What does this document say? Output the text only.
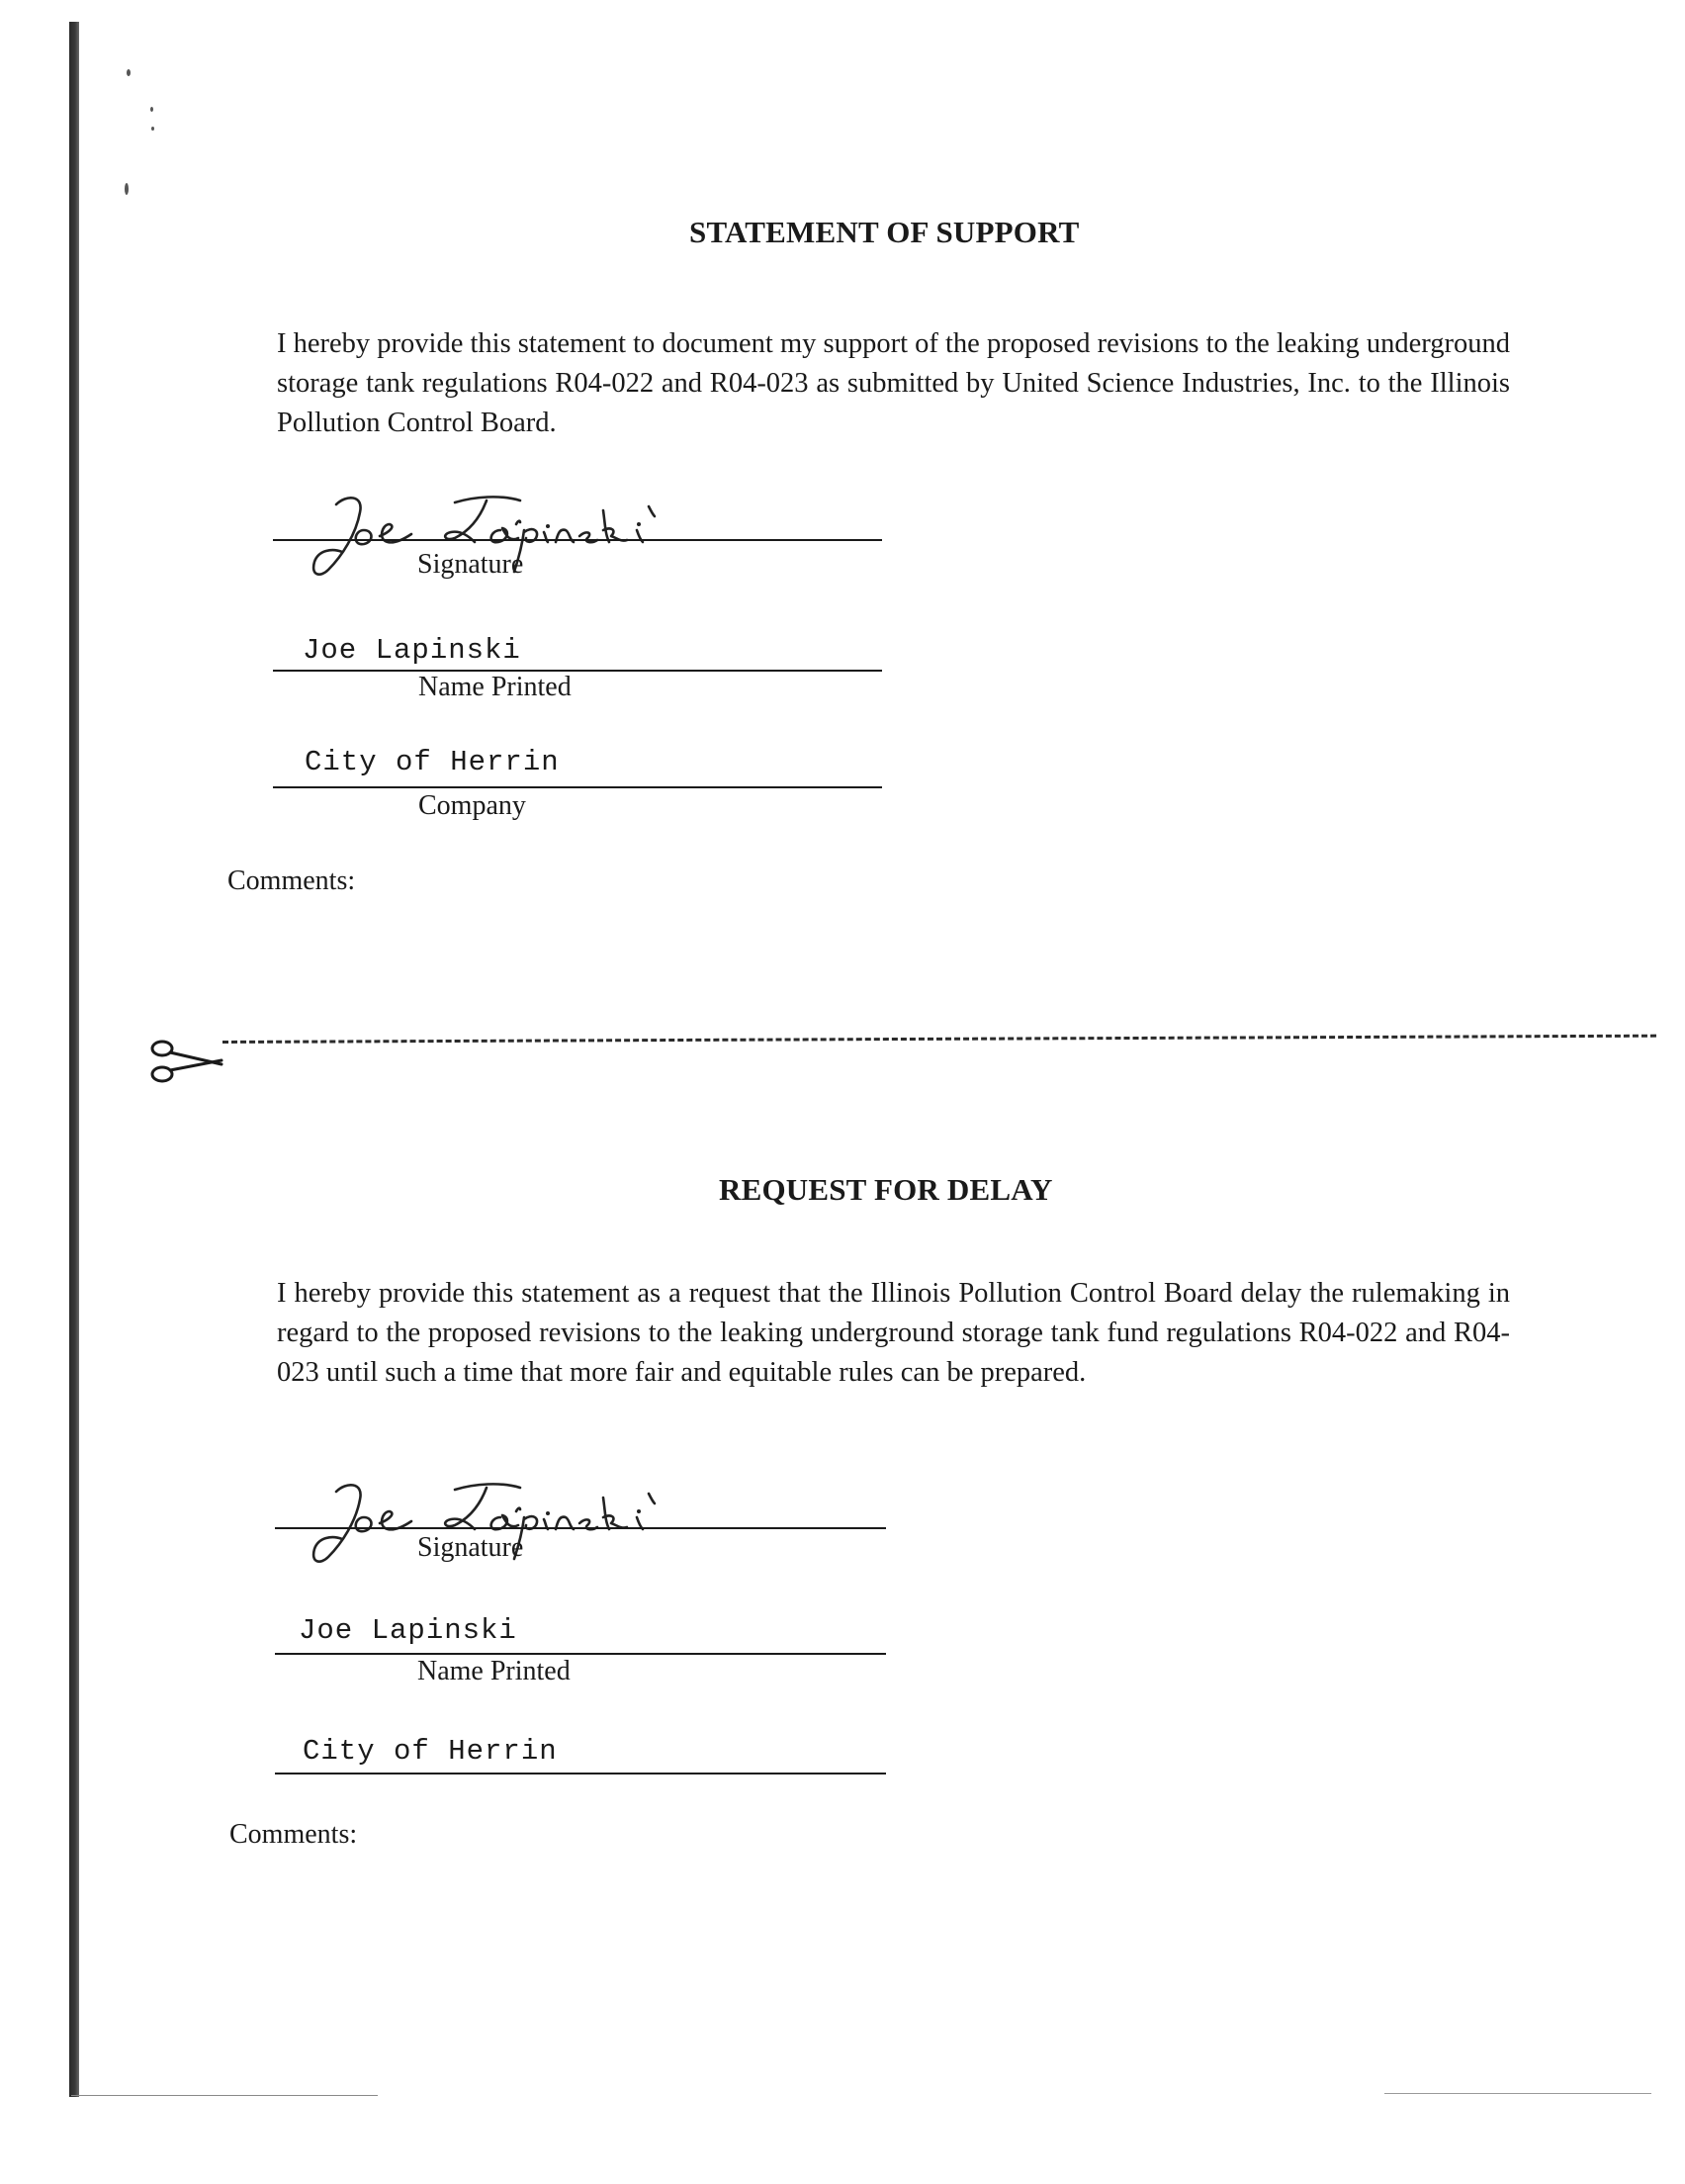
STATEMENT OF SUPPORT
I hereby provide this statement to document my support of the proposed revisions to the leaking underground storage tank regulations R04-022 and R04-023 as submitted by United Science Industries, Inc. to the Illinois Pollution Control Board.
Signature
Joe Lapinski
Name Printed
City of Herrin
Company
Comments:
REQUEST FOR DELAY
I hereby provide this statement as a request that the Illinois Pollution Control Board delay the rulemaking in regard to the proposed revisions to the leaking underground storage tank fund regulations R04-022 and R04-023 until such a time that more fair and equitable rules can be prepared.
Signature
Joe Lapinski
Name Printed
City of Herrin
Comments:
